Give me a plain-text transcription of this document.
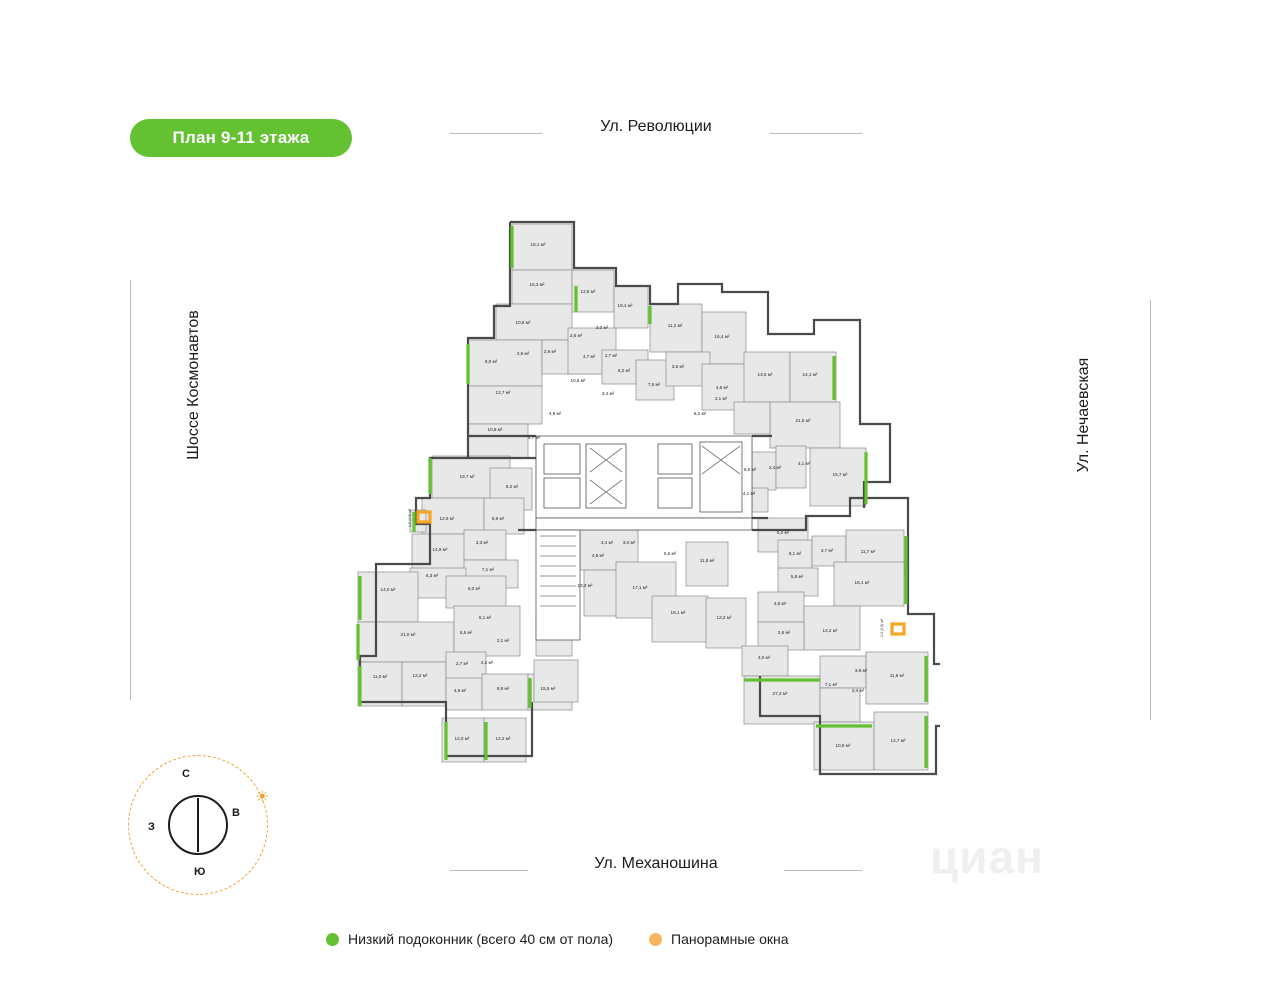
План 9-11 этажа
Ул. Революции
Ул. Механошина
Шоссе Космонавтов	Ул. Нечаевская
16,1 м²
16,3 м²
12,5 м²
19,1 м²
10,8 м²
2,6 м²
3,0 м²	11,2 м²
16,4 м²
9,0 м²
2,9 м²	2,9 м²
4,7 м² 2,7 м²
3,6 м²
13,6 м²	14,1 м²
12,7 м²
10,6 м²
6,2 м²
7,5 м²
3,4 м²
4,6 м²
3,1 м²
6,2 м²
4,9 м²
10,8 м²
21,5 м²
4,7 м²
5,5 м²	2,4 м²
4,1 м²
15,7 м²
19,7 м²
4,1 м²
6,2 м²
1,5 (2,9) м²	12,9 м²	6,9 м²
5,2 м²
3,3 м²
14,9 м²
3,4 м² 3,0 м²
4,9 м²	5,6 м²
11,8 м²
6,1 м²
3,7 м²	11,7 м²
7,1 м²
6,3 м²	5,8 м²
6,0 м²
13,3 м²	17,1 м²
14,0 м²
16,1 м²
4,8 м²
18,1 м²
12,2 м²
6,1 м²
5,5 м²
21,0 м²	2,6 м²	14,2 м²	1,3 (2,6) м²
2,1 м²
2,7 м²	4,2 м²
4,0 м²
11,0 м²	12,2 м²
4,9 м²	8,9 м²	15,5 м²
3,8 м²
11,6 м²
7,1 м²
2,4 м²
27,3 м²
12,0 м²	12,2 м²
10,9 м²
12,7 м²
С
Ю
З
В
☀
Низкий подоконник (всего 40 см от пола)	Панорамные окна
циан
